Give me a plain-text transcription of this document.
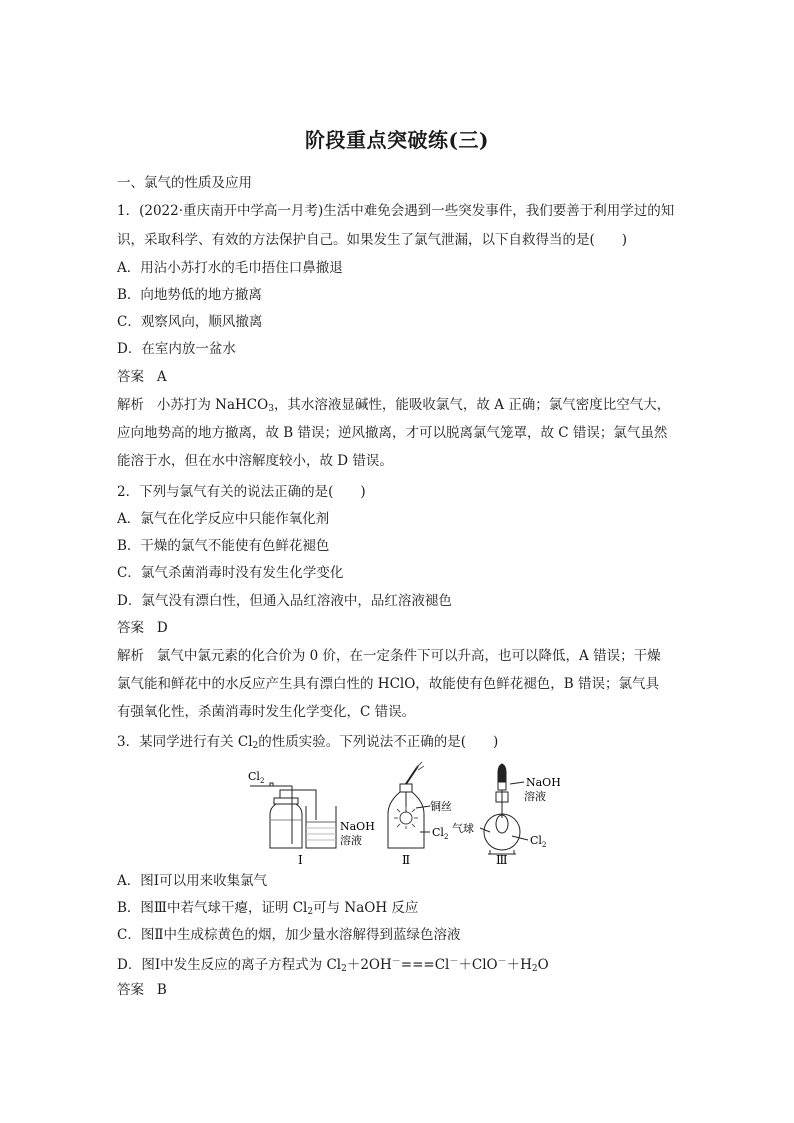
阶段重点突破练(三)
一、氯气的性质及应用
1．(2022·重庆南开中学高一月考)生活中难免会遇到一些突发事件，我们要善于利用学过的知
识，采取科学、有效的方法保护自己。如果发生了氯气泄漏，以下自救得当的是(　　)
A．用沾小苏打水的毛巾捂住口鼻撤退
B．向地势低的地方撤离
C．观察风向，顺风撤离
D．在室内放一盆水
答案 A
解析 小苏打为 NaHCO$_3$，其水溶液显碱性，能吸收氯气，故 A 正确；氯气密度比空气大，
应向地势高的地方撤离，故 B 错误；逆风撤离，才可以脱离氯气笼罩，故 C 错误；氯气虽然
能溶于水，但在水中溶解度较小，故 D 错误。
2．下列与氯气有关的说法正确的是(　　)
A．氯气在化学反应中只能作氧化剂
B．干燥的氯气不能使有色鲜花褪色
C．氯气杀菌消毒时没有发生化学变化
D．氯气没有漂白性，但通入品红溶液中，品红溶液褪色
答案 D
解析 氯气中氯元素的化合价为 0 价，在一定条件下可以升高，也可以降低，A 错误；干燥
氯气能和鲜花中的水反应产生具有漂白性的 HClO，故能使有色鲜花褪色，B 错误；氯气具
有强氧化性，杀菌消毒时发生化学变化，C 错误。
3．某同学进行有关 $Cl_2$的性质实验。下列说法不正确的是(　　)
$Cl_2$
NaOH
溶液
铜丝
$Cl_2$
气球
NaOH
溶液
$Cl_2$
Ⅰ	Ⅱ	Ⅲ
A．图Ⅰ可以用来收集氯气
B．图Ⅲ中若气球干瘪，证明 $Cl_2$可与 NaOH 反应
C．图Ⅱ中生成棕黄色的烟，加少量水溶解得到蓝绿色溶液
D．图Ⅰ中发生反应的离子方程式为 $Cl_2+2OH^-===Cl^-+ClO^-+H_2O$
答案 B
